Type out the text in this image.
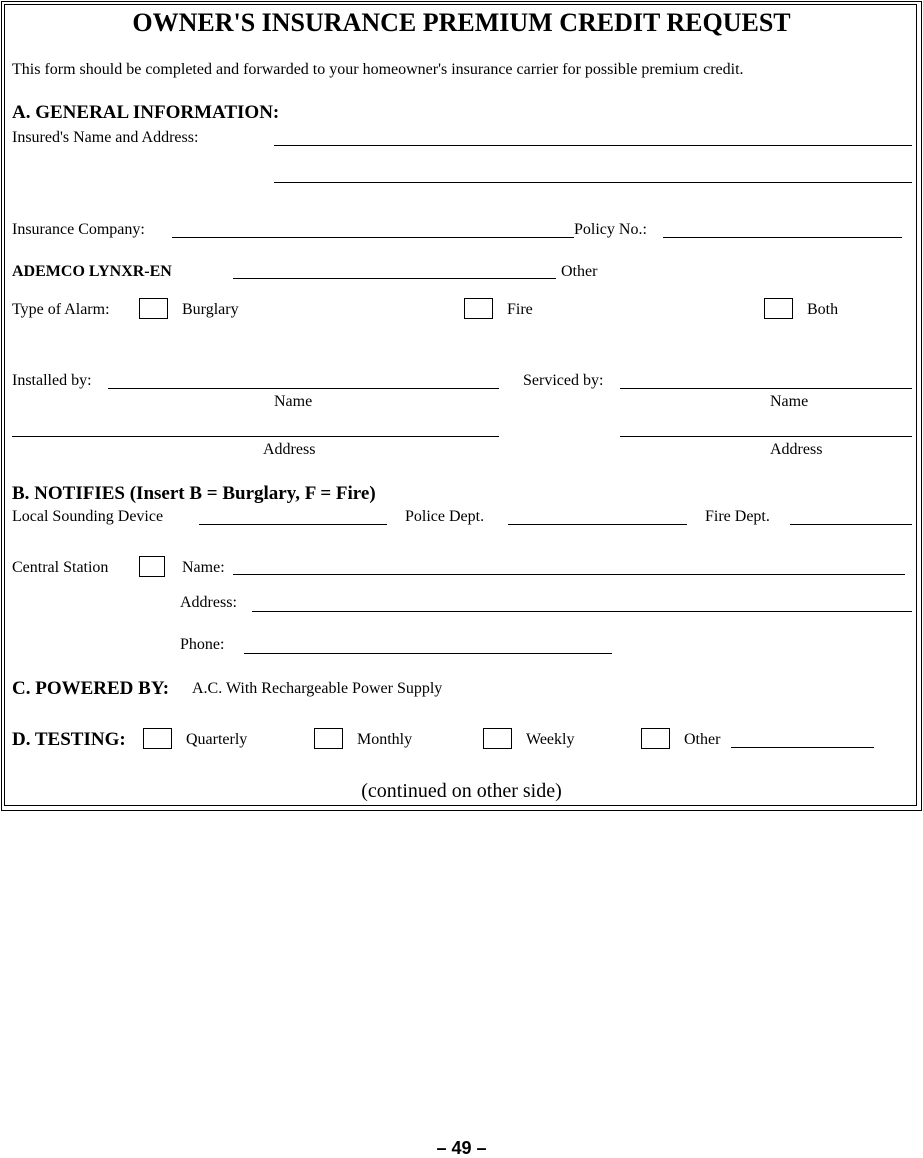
OWNER'S INSURANCE PREMIUM CREDIT REQUEST
This form should be completed and forwarded to your homeowner's insurance carrier for possible premium credit.
A. GENERAL INFORMATION:
Insured's Name and Address:
Insurance Company:	Policy No.:
ADEMCO LYNXR-EN	Other
Type of Alarm:	Burglary	Fire	Both
Installed by:	Serviced by:
Name	Name
Address	Address
B. NOTIFIES (Insert B = Burglary, F = Fire)
Local Sounding Device	Police Dept.	Fire Dept.
Central Station	Name:
Address:
Phone:
C. POWERED BY: A.C. With Rechargeable Power Supply
D. TESTING:	Quarterly	Monthly	Weekly	Other
(continued on other side)
– 49 –
